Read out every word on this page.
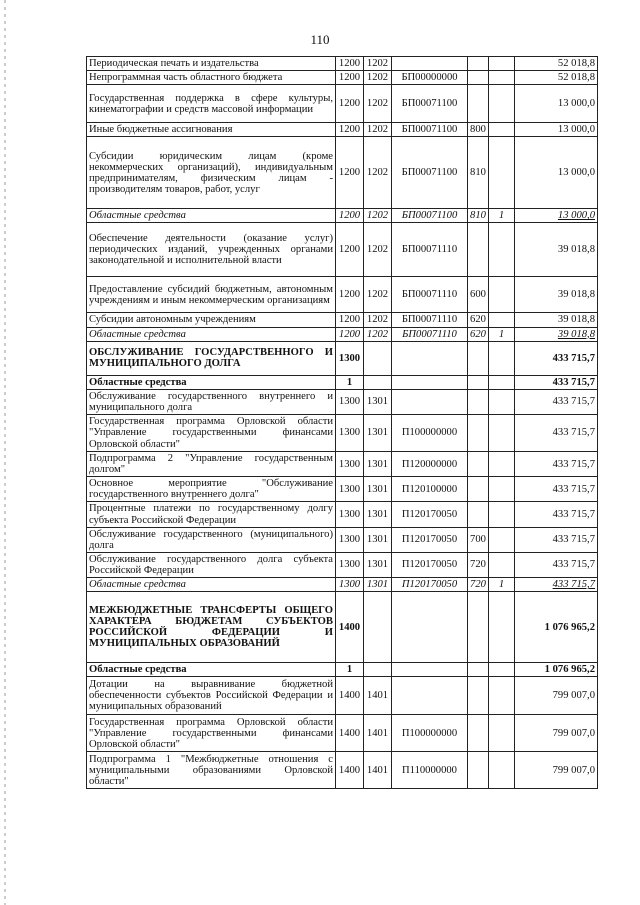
110
Периодическая печать и издательства	1200	1202				52 018,8
Непрограммная часть областного бюджета	1200	1202	БП00000000			52 018,8
Государственная поддержка в сфере культуры, кинематографии и средств массовой информации	1200	1202	БП00071100			13 000,0
Иные бюджетные ассигнования	1200	1202	БП00071100	800		13 000,0
Субсидии юридическим лицам (кроме некоммерческих организаций), индивидуальным предпринимателям, физическим лицам - производителям товаров, работ, услуг	1200	1202	БП00071100	810		13 000,0
Областные средства	1200	1202	БП00071100	810	1	13 000,0
Обеспечение деятельности (оказание услуг) периодических изданий, учрежденных органами законодательной и исполнительной власти	1200	1202	БП00071110			39 018,8
Предоставление субсидий бюджетным, автономным учреждениям и иным некоммерческим организациям	1200	1202	БП00071110	600		39 018,8
Субсидии автономным учреждениям	1200	1202	БП00071110	620		39 018,8
Областные средства	1200	1202	БП00071110	620	1	39 018,8
ОБСЛУЖИВАНИЕ ГОСУДАРСТВЕННОГО И МУНИЦИПАЛЬНОГО ДОЛГА	1300					433 715,7
Областные средства	1					433 715,7
Обслуживание государственного внутреннего и муниципального долга	1300	1301				433 715,7
Государственная программа Орловской области "Управление государственными финансами Орловской области"	1300	1301	П100000000			433 715,7
Подпрограмма 2 "Управление государственным долгом"	1300	1301	П120000000			433 715,7
Основное мероприятие "Обслуживание государственного внутреннего долга"	1300	1301	П120100000			433 715,7
Процентные платежи по государственному долгу субъекта Российской Федерации	1300	1301	П120170050			433 715,7
Обслуживание государственного (муниципального) долга	1300	1301	П120170050	700		433 715,7
Обслуживание государственного долга субъекта Российской Федерации	1300	1301	П120170050	720		433 715,7
Областные средства	1300	1301	П120170050	720	1	433 715,7
МЕЖБЮДЖЕТНЫЕ ТРАНСФЕРТЫ ОБЩЕГО ХАРАКТЕРА БЮДЖЕТАМ СУБЪЕКТОВ РОССИЙСКОЙ ФЕДЕРАЦИИ И МУНИЦИПАЛЬНЫХ ОБРАЗОВАНИЙ	1400					1 076 965,2
Областные средства	1					1 076 965,2
Дотации на выравнивание бюджетной обеспеченности субъектов Российской Федерации и муниципальных образований	1400	1401				799 007,0
Государственная программа Орловской области "Управление государственными финансами Орловской области"	1400	1401	П100000000			799 007,0
Подпрограмма 1 "Межбюджетные отношения с муниципальными образованиями Орловской области"	1400	1401	П110000000			799 007,0
